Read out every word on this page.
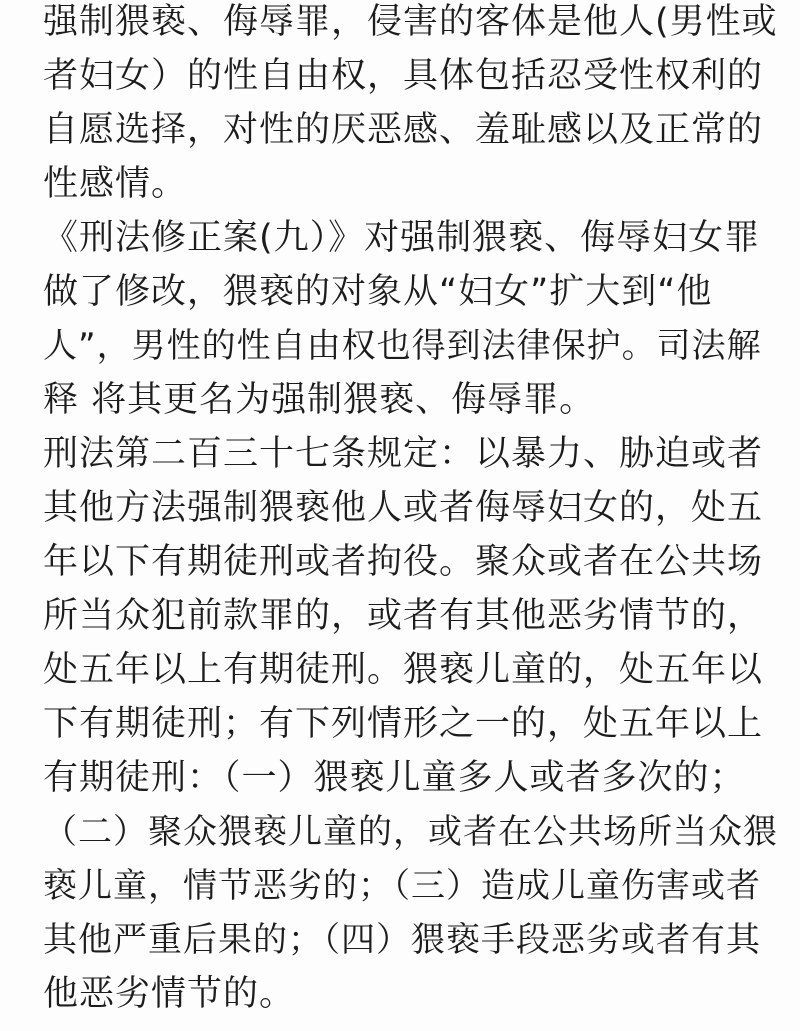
强制猥亵、侮辱罪，侵害的客体是他人(男性或

者妇女）的性自由权，具体包括忍受性权利的

自愿选择，对性的厌恶感、羞耻感以及正常的

性感情。

《刑法修正案(九）》对强制猥亵、侮辱妇女罪

做了修改，猥亵的对象从“妇女”扩大到“他

人”，男性的性自由权也得到法律保护。司法解

释 将其更名为强制猥亵、侮辱罪。

刑法第二百三十七条规定：以暴力、胁迫或者

其他方法强制猥亵他人或者侮辱妇女的，处五

年以下有期徒刑或者拘役。聚众或者在公共场

所当众犯前款罪的，或者有其他恶劣情节的，

处五年以上有期徒刑。猥亵儿童的，处五年以

下有期徒刑；有下列情形之一的，处五年以上

有期徒刑：（一）猥亵儿童多人或者多次的；

（二）聚众猥亵儿童的，或者在公共场所当众猥

亵儿童，情节恶劣的；（三）造成儿童伤害或者

其他严重后果的；（四）猥亵手段恶劣或者有其

他恶劣情节的。
